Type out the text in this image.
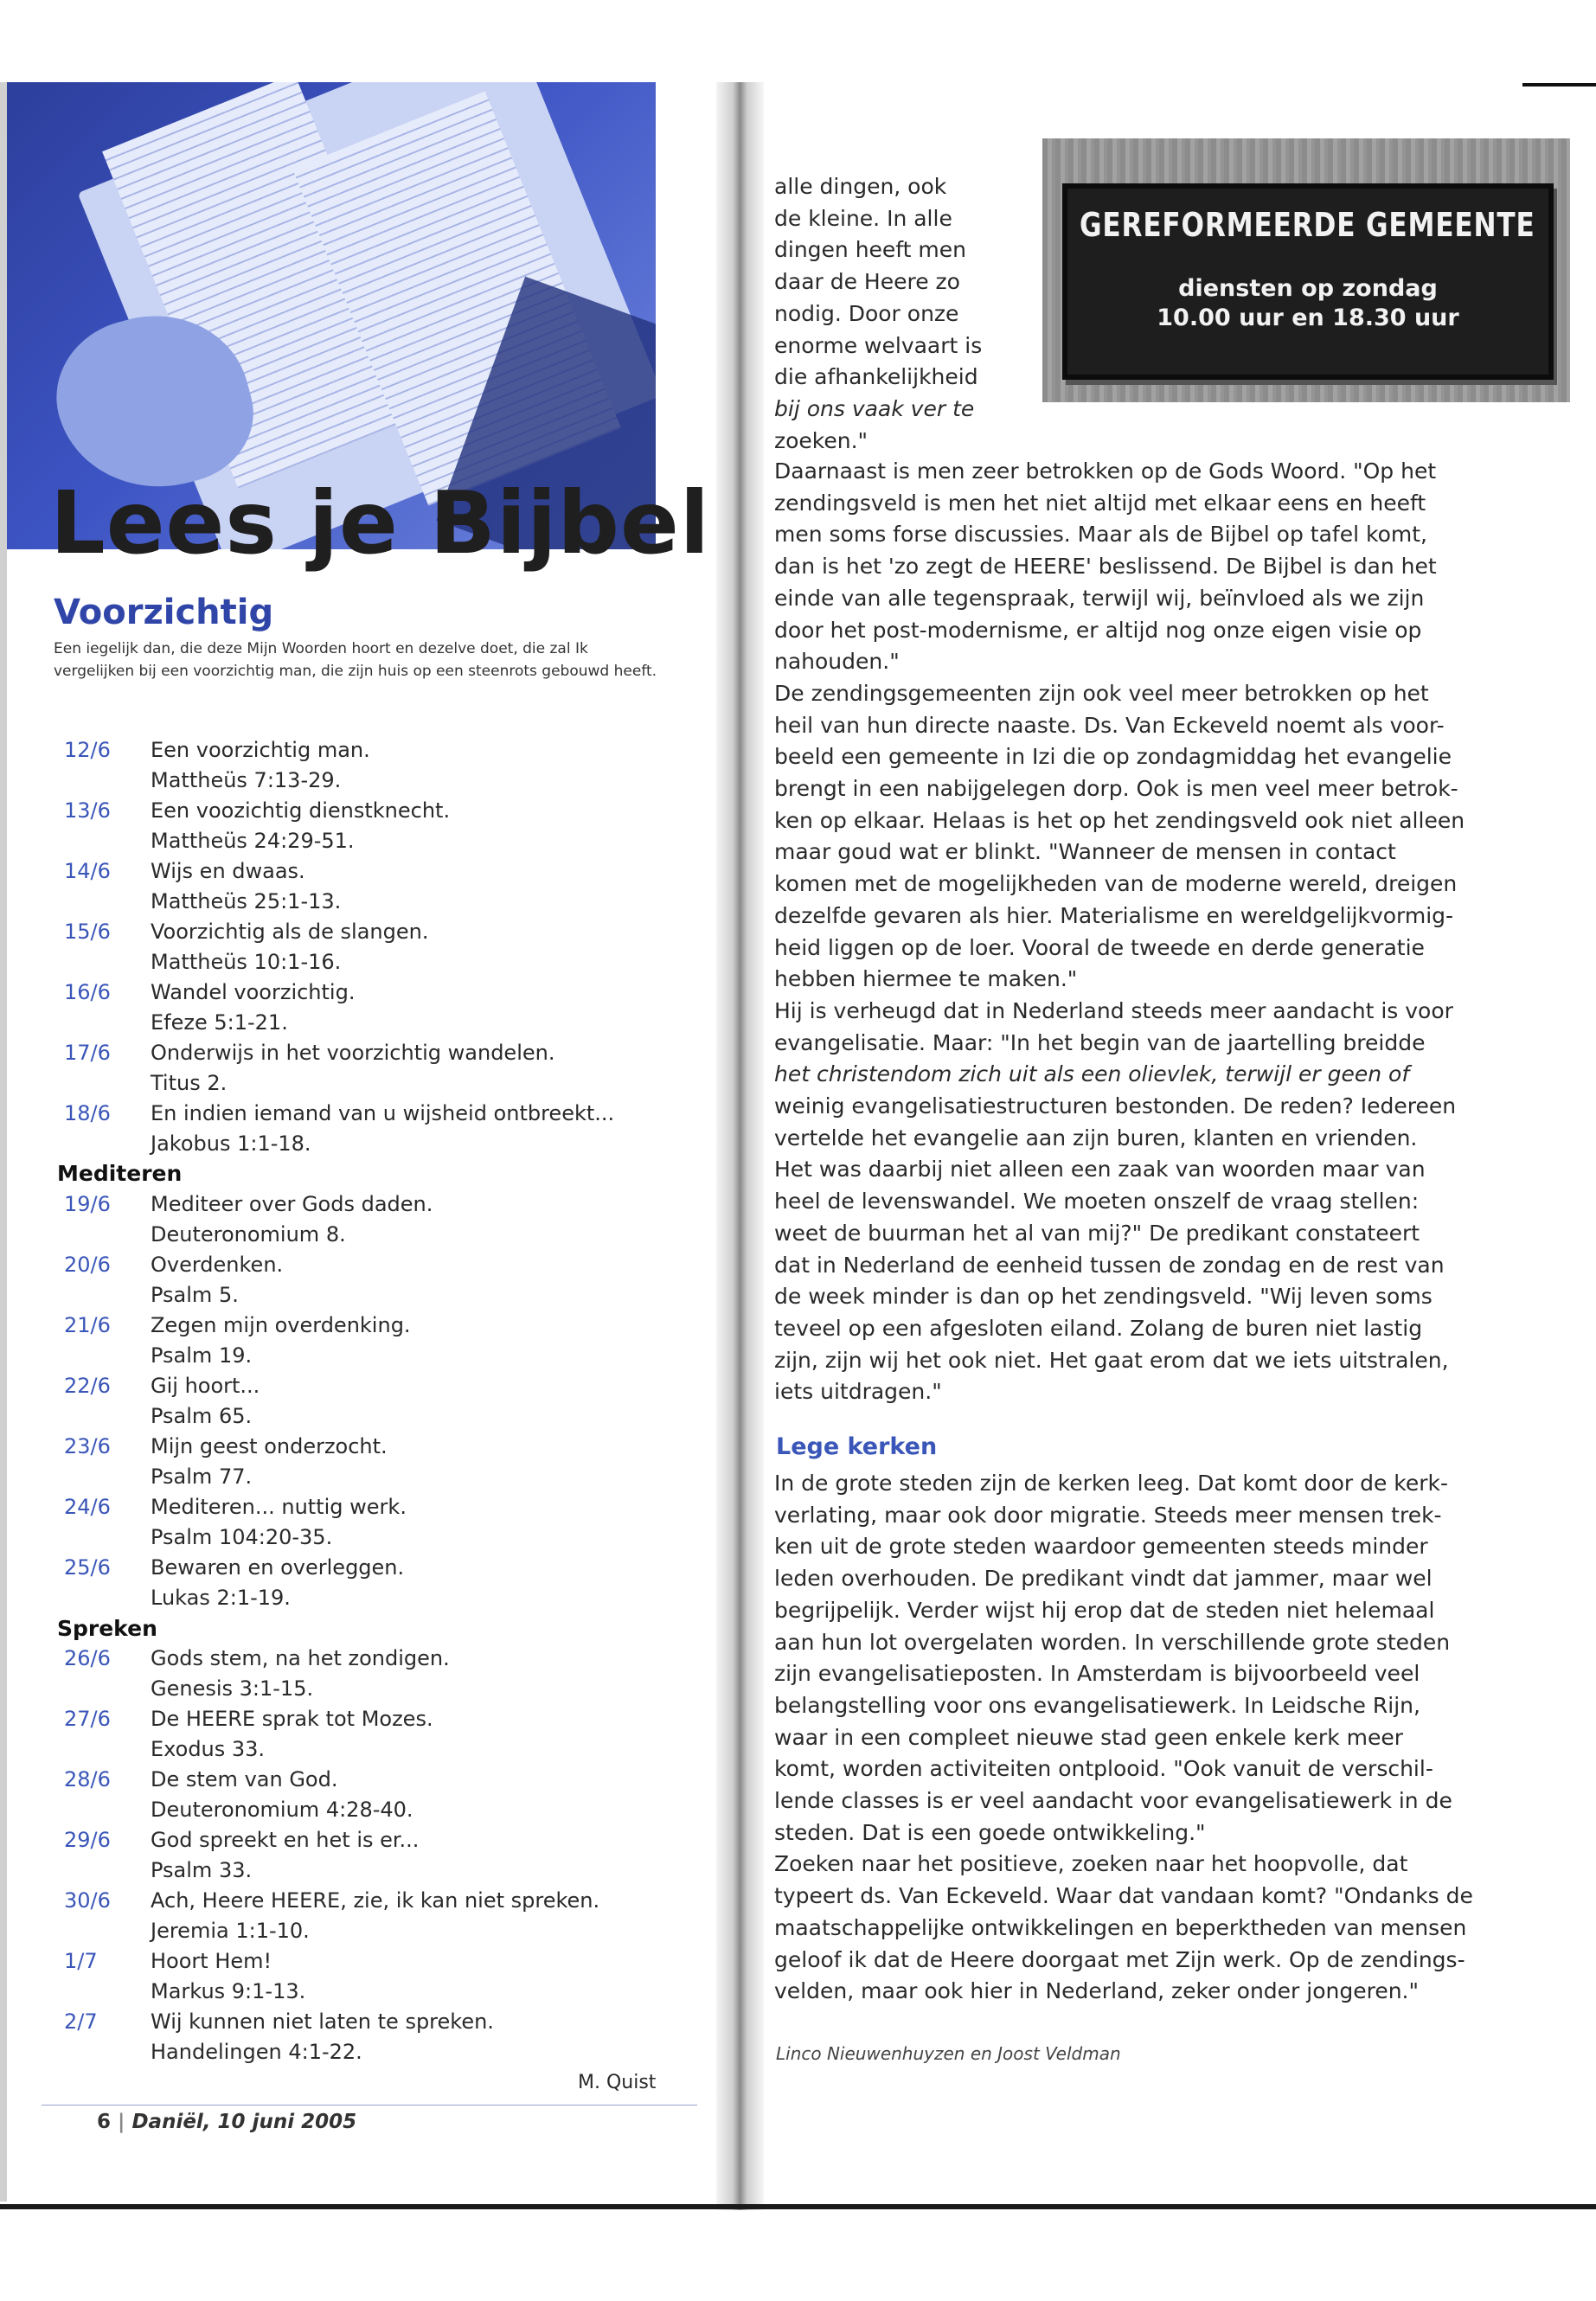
Lees je Bijbel
Voorzichtig
Een iegelijk dan, die deze Mijn Woorden hoort en dezelve doet, die zal Ik vergelijken bij een voorzichtig man, die zijn huis op een steenrots gebouwd heeft.
12/6 Een voorzichtig man.
Mattheüs 7:13-29.
13/6 Een voozichtig dienstknecht.
Mattheüs 24:29-51.
14/6 Wijs en dwaas.
Mattheüs 25:1-13.
15/6 Voorzichtig als de slangen.
Mattheüs 10:1-16.
16/6 Wandel voorzichtig.
Efeze 5:1-21.
17/6 Onderwijs in het voorzichtig wandelen.
Titus 2.
18/6 En indien iemand van u wijsheid ontbreekt...
Jakobus 1:1-18.
Mediteren
19/6 Mediteer over Gods daden.
Deuteronomium 8.
20/6 Overdenken.
Psalm 5.
21/6 Zegen mijn overdenking.
Psalm 19.
22/6 Gij hoort...
Psalm 65.
23/6 Mijn geest onderzocht.
Psalm 77.
24/6 Mediteren... nuttig werk.
Psalm 104:20-35.
25/6 Bewaren en overleggen.
Lukas 2:1-19.
Spreken
26/6 Gods stem, na het zondigen.
Genesis 3:1-15.
27/6 De HEERE sprak tot Mozes.
Exodus 33.
28/6 De stem van God.
Deuteronomium 4:28-40.
29/6 God spreekt en het is er...
Psalm 33.
30/6 Ach, Heere HEERE, zie, ik kan niet spreken.
Jeremia 1:1-10.
1/7	Hoort Hem!
Markus 9:1-13.
2/7	Wij kunnen niet laten te spreken.
Handelingen 4:1-22.
M. Quist
6 | Daniël, 10 juni 2005
GEREFORMEERDE GEMEENTE
diensten op zondag
10.00 uur en 18.30 uur
alle dingen, ook
de kleine. In alle
dingen heeft men
daar de Heere zo
nodig. Door onze
enorme welvaart is
die afhankelijkheid
bij ons vaak ver te
zoeken."
Daarnaast is men zeer betrokken op de Gods Woord. "Op het
zendingsveld is men het niet altijd met elkaar eens en heeft
men soms forse discussies. Maar als de Bijbel op tafel komt,
dan is het 'zo zegt de HEERE' beslissend. De Bijbel is dan het
einde van alle tegenspraak, terwijl wij, beïnvloed als we zijn
door het post-modernisme, er altijd nog onze eigen visie op
nahouden."
De zendingsgemeenten zijn ook veel meer betrokken op het
heil van hun directe naaste. Ds. Van Eckeveld noemt als voor-
beeld een gemeente in Izi die op zondagmiddag het evangelie
brengt in een nabijgelegen dorp. Ook is men veel meer betrok-
ken op elkaar. Helaas is het op het zendingsveld ook niet alleen
maar goud wat er blinkt. "Wanneer de mensen in contact
komen met de mogelijkheden van de moderne wereld, dreigen
dezelfde gevaren als hier. Materialisme en wereldgelijkvormig-
heid liggen op de loer. Vooral de tweede en derde generatie
hebben hiermee te maken."
Hij is verheugd dat in Nederland steeds meer aandacht is voor
evangelisatie. Maar: "In het begin van de jaartelling breidde
het christendom zich uit als een olievlek, terwijl er geen of
weinig evangelisatiestructuren bestonden. De reden? Iedereen
vertelde het evangelie aan zijn buren, klanten en vrienden.
Het was daarbij niet alleen een zaak van woorden maar van
heel de levenswandel. We moeten onszelf de vraag stellen:
weet de buurman het al van mij?" De predikant constateert
dat in Nederland de eenheid tussen de zondag en de rest van
de week minder is dan op het zendingsveld. "Wij leven soms
teveel op een afgesloten eiland. Zolang de buren niet lastig
zijn, zijn wij het ook niet. Het gaat erom dat we iets uitstralen,
iets uitdragen."
Lege kerken
In de grote steden zijn de kerken leeg. Dat komt door de kerk-
verlating, maar ook door migratie. Steeds meer mensen trek-
ken uit de grote steden waardoor gemeenten steeds minder
leden overhouden. De predikant vindt dat jammer, maar wel
begrijpelijk. Verder wijst hij erop dat de steden niet helemaal
aan hun lot overgelaten worden. In verschillende grote steden
zijn evangelisatieposten. In Amsterdam is bijvoorbeeld veel
belangstelling voor ons evangelisatiewerk. In Leidsche Rijn,
waar in een compleet nieuwe stad geen enkele kerk meer
komt, worden activiteiten ontplooid. "Ook vanuit de verschil-
lende classes is er veel aandacht voor evangelisatiewerk in de
steden. Dat is een goede ontwikkeling."
Zoeken naar het positieve, zoeken naar het hoopvolle, dat
typeert ds. Van Eckeveld. Waar dat vandaan komt? "Ondanks de
maatschappelijke ontwikkelingen en beperktheden van mensen
geloof ik dat de Heere doorgaat met Zijn werk. Op de zendings-
velden, maar ook hier in Nederland, zeker onder jongeren."
Linco Nieuwenhuyzen en Joost Veldman
